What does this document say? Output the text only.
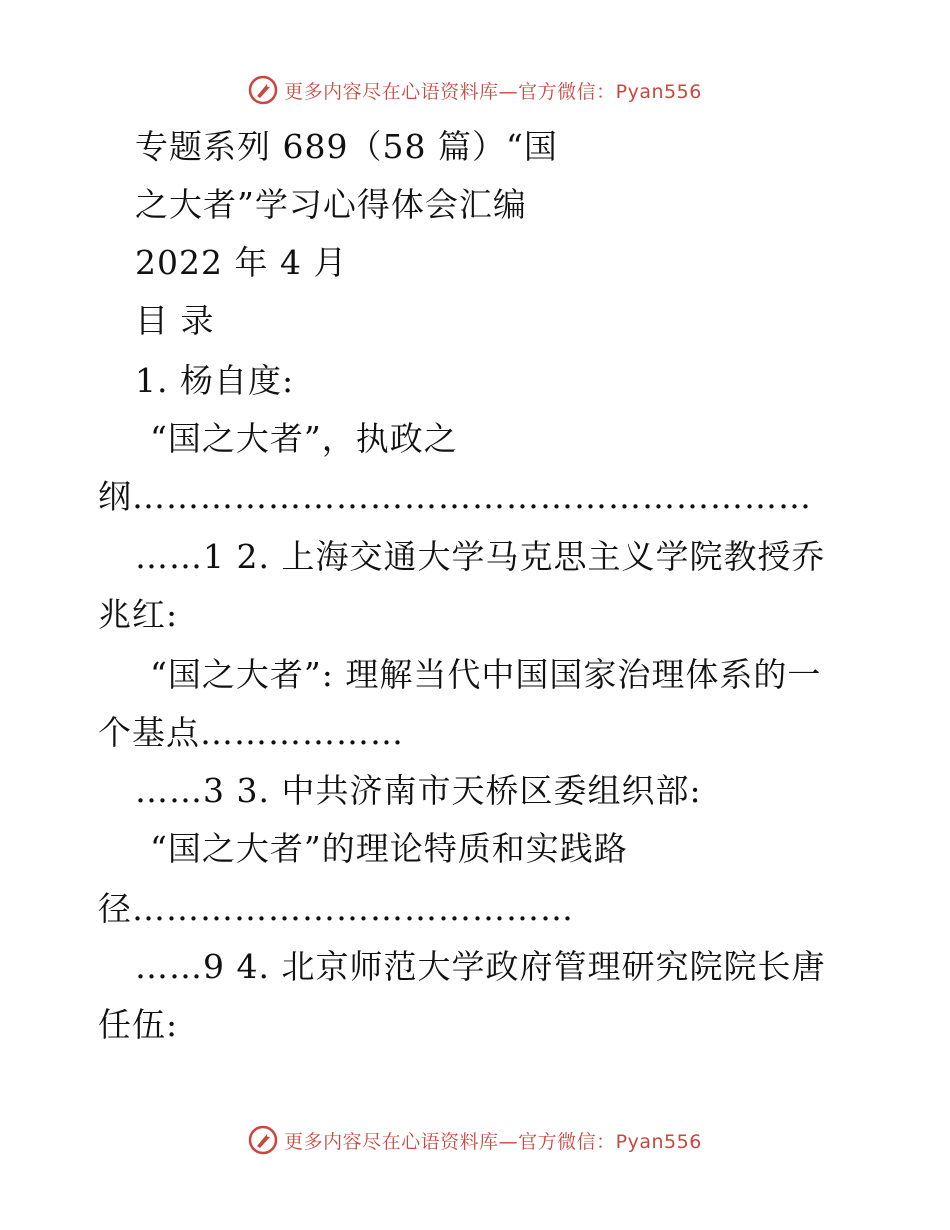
更多内容尽在心语资料库—官方微信：Pyan556
专题系列 689（58 篇）“国
之大者”学习心得体会汇编
2022 年 4 月
目 录
1. 杨自度:
“国之大者”，执政之
纲……………………………………………………
……1 2. 上海交通大学马克思主义学院教授乔
兆红:
“国之大者”: 理解当代中国国家治理体系的一
个基点………………
……3 3. 中共济南市天桥区委组织部:
“国之大者”的理论特质和实践路
径…………………………………
……9 4. 北京师范大学政府管理研究院院长唐
任伍:
更多内容尽在心语资料库—官方微信：Pyan556
